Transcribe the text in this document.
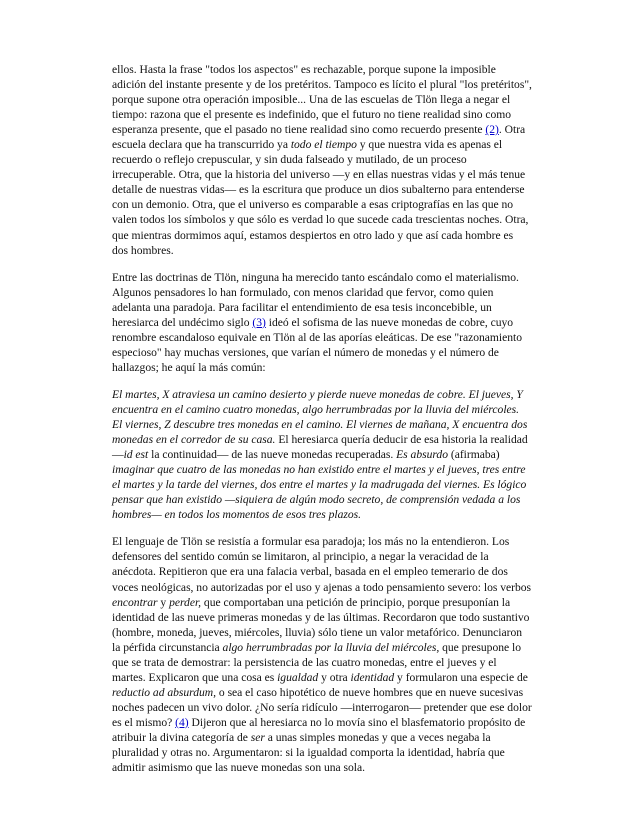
ellos. Hasta la frase "todos los aspectos" es rechazable, porque supone la imposible adición del instante presente y de los pretéritos. Tampoco es lícito el plural "los pretéritos", porque supone otra operación imposible... Una de las escuelas de Tlön llega a negar el tiempo: razona que el presente es indefinido, que el futuro no tiene realidad sino como esperanza presente, que el pasado no tiene realidad sino como recuerdo presente (2). Otra escuela declara que ha transcurrido ya todo el tiempo y que nuestra vida es apenas el recuerdo o reflejo crepuscular, y sin duda falseado y mutilado, de un proceso irrecuperable. Otra, que la historia del universo —y en ellas nuestras vidas y el más tenue detalle de nuestras vidas— es la escritura que produce un dios subalterno para entenderse con un demonio. Otra, que el universo es comparable a esas criptografías en las que no valen todos los símbolos y que sólo es verdad lo que sucede cada trescientas noches. Otra, que mientras dormimos aquí, estamos despiertos en otro lado y que así cada hombre es dos hombres.

Entre las doctrinas de Tlön, ninguna ha merecido tanto escándalo como el materialismo. Algunos pensadores lo han formulado, con menos claridad que fervor, como quien adelanta una paradoja. Para facilitar el entendimiento de esa tesis inconcebible, un heresiarca del undécimo siglo (3) ideó el sofisma de las nueve monedas de cobre, cuyo renombre escandaloso equivale en Tlön al de las aporías eleáticas. De ese "razonamiento especioso" hay muchas versiones, que varían el número de monedas y el número de hallazgos; he aquí la más común:

El martes, X atraviesa un camino desierto y pierde nueve monedas de cobre. El jueves, Y encuentra en el camino cuatro monedas, algo herrumbradas por la lluvia del miércoles. El viernes, Z descubre tres monedas en el camino. El viernes de mañana, X encuentra dos monedas en el corredor de su casa. El heresiarca quería deducir de esa historia la realidad —id est la continuidad— de las nueve monedas recuperadas. Es absurdo (afirmaba) imaginar que cuatro de las monedas no han existido entre el martes y el jueves, tres entre el martes y la tarde del viernes, dos entre el martes y la madrugada del viernes. Es lógico pensar que han existido —siquiera de algún modo secreto, de comprensión vedada a los hombres— en todos los momentos de esos tres plazos.

El lenguaje de Tlön se resistía a formular esa paradoja; los más no la entendieron. Los defensores del sentido común se limitaron, al principio, a negar la veracidad de la anécdota. Repitieron que era una falacia verbal, basada en el empleo temerario de dos voces neológicas, no autorizadas por el uso y ajenas a todo pensamiento severo: los verbos encontrar y perder, que comportaban una petición de principio, porque presuponían la identidad de las nueve primeras monedas y de las últimas. Recordaron que todo sustantivo (hombre, moneda, jueves, miércoles, lluvia) sólo tiene un valor metafórico. Denunciaron la pérfida circunstancia algo herrumbradas por la lluvia del miércoles, que presupone lo que se trata de demostrar: la persistencia de las cuatro monedas, entre el jueves y el martes. Explicaron que una cosa es igualdad y otra identidad y formularon una especie de reductio ad absurdum, o sea el caso hipotético de nueve hombres que en nueve sucesivas noches padecen un vivo dolor. ¿No sería ridículo —interrogaron— pretender que ese dolor es el mismo? (4) Dijeron que al heresiarca no lo movía sino el blasfematorio propósito de atribuir la divina categoría de ser a unas simples monedas y que a veces negaba la pluralidad y otras no. Argumentaron: si la igualdad comporta la identidad, habría que admitir asimismo que las nueve monedas son una sola.
